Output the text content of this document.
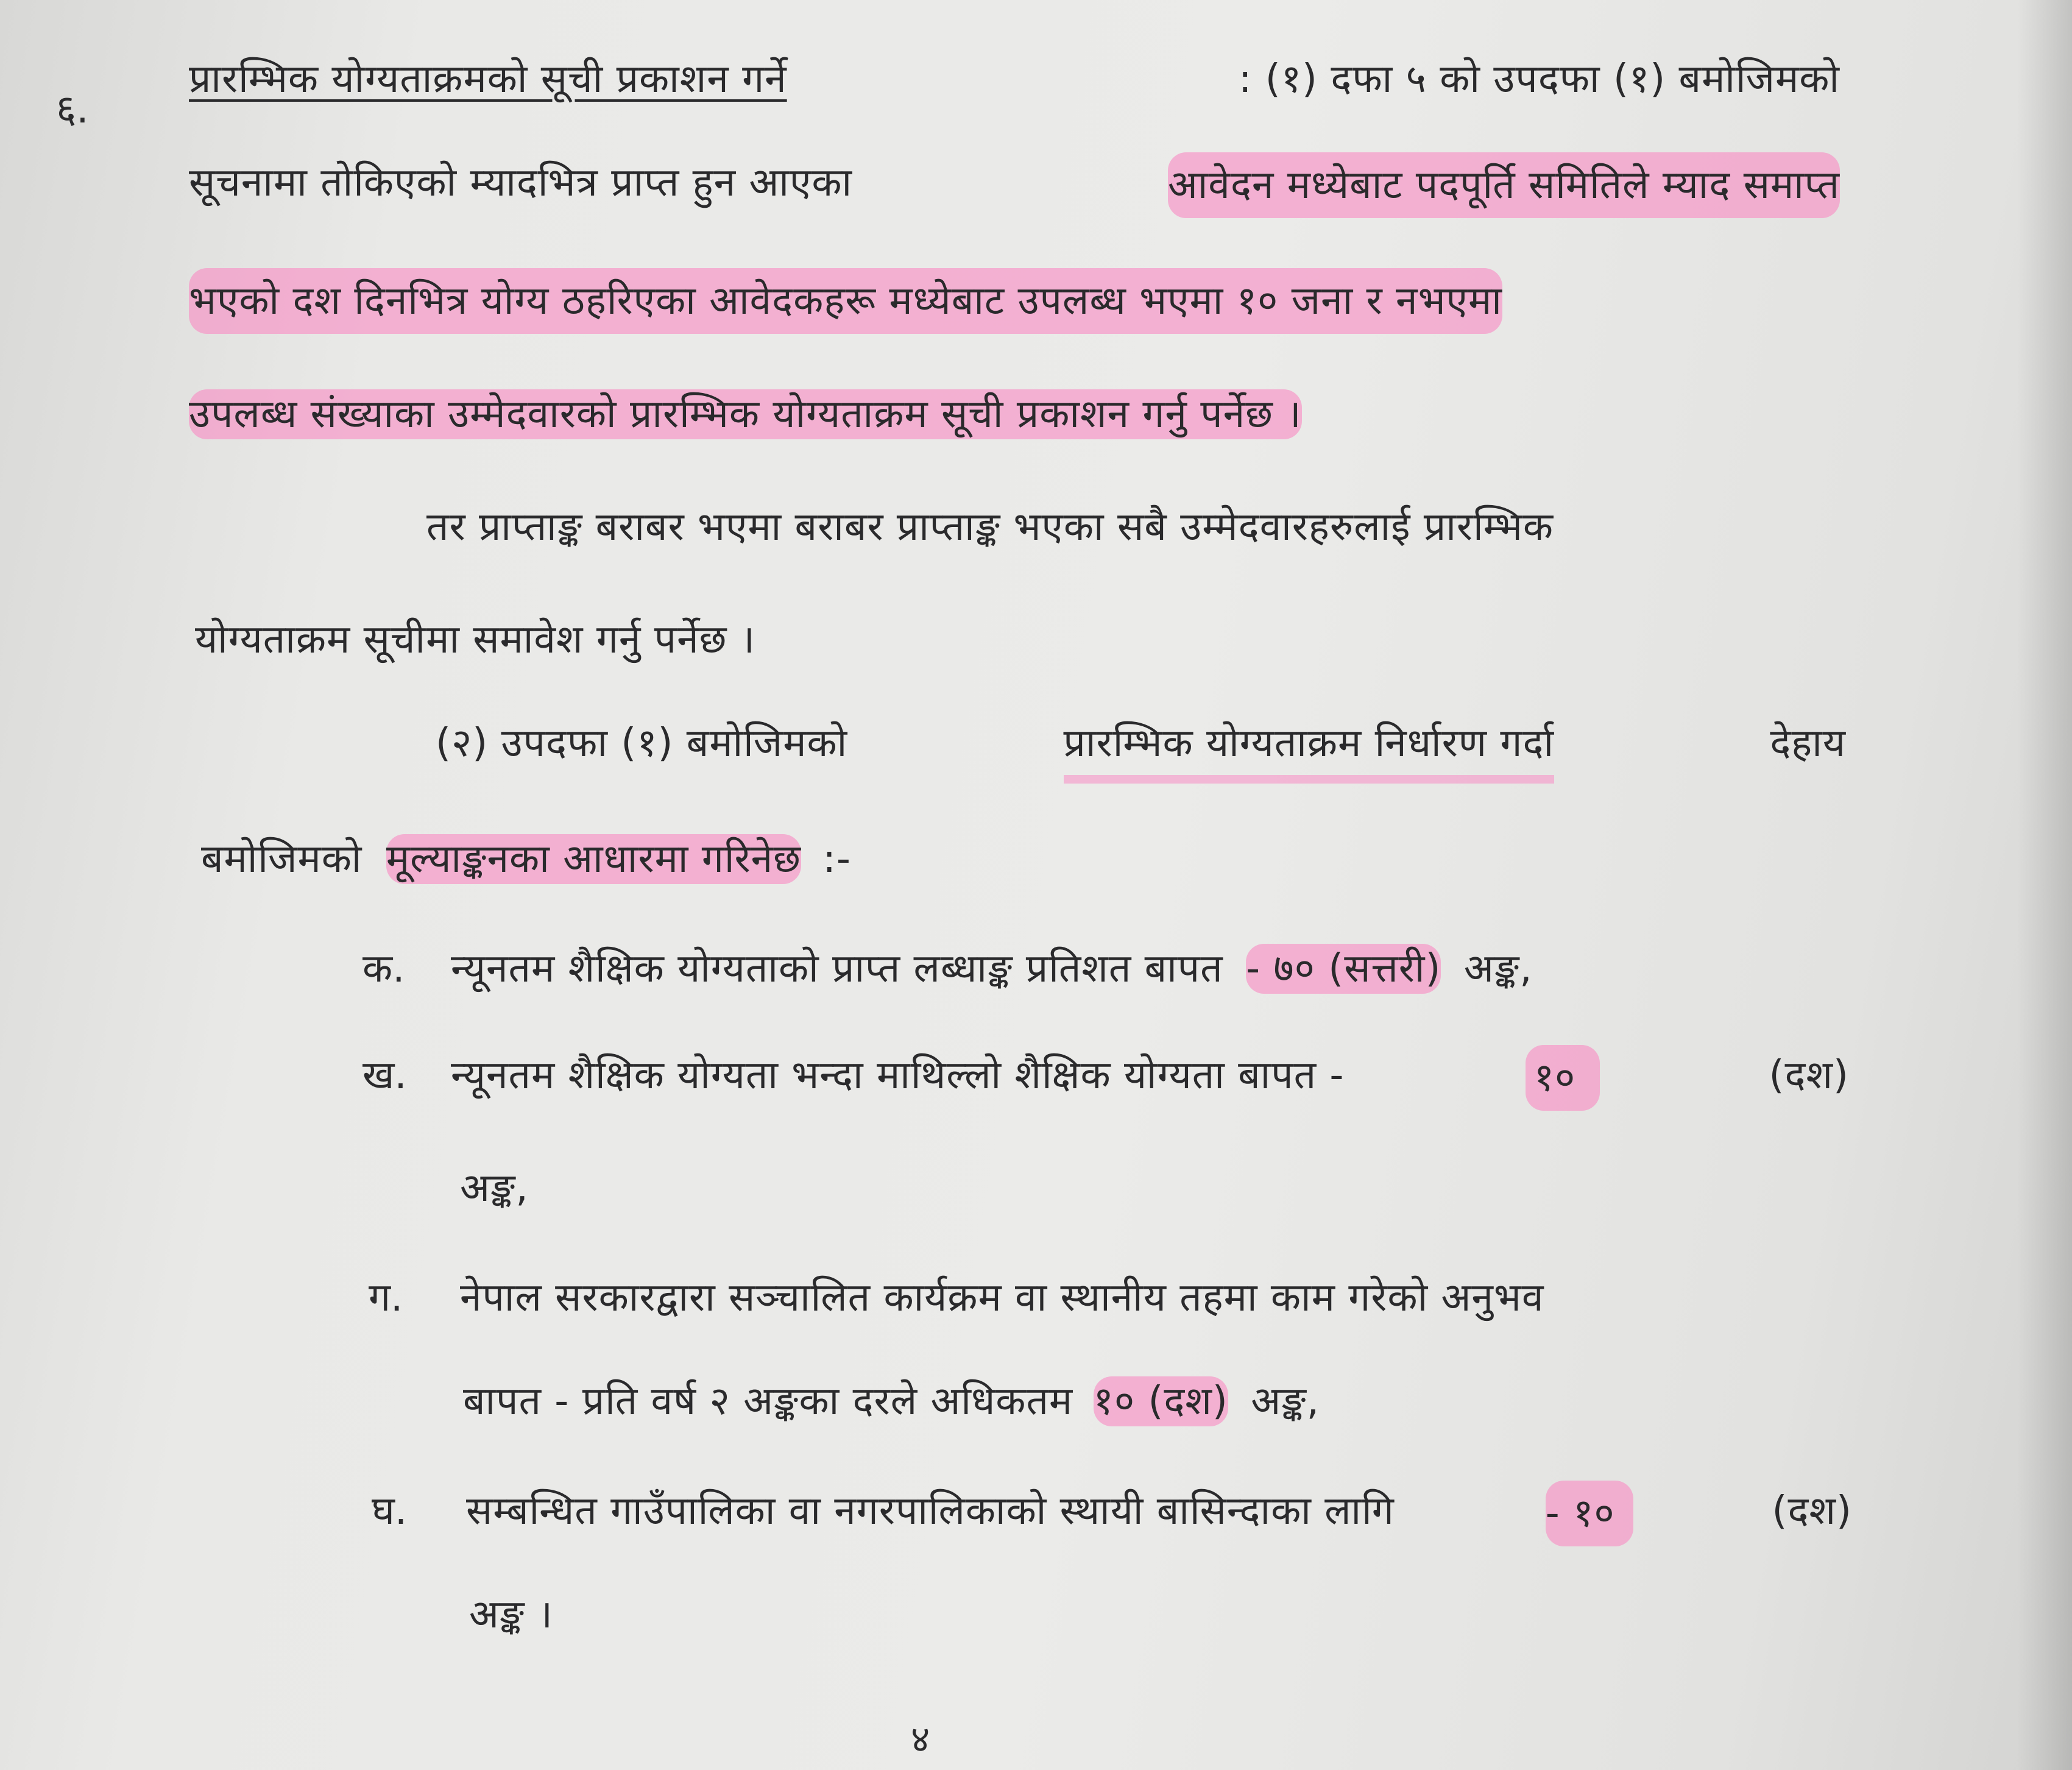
६.
प्रारम्भिक योग्यताक्रमको सूची प्रकाशन गर्ने	: (१) दफा ५ को उपदफा (१) बमोजिमको
सूचनामा तोकिएको म्यादभित्र प्राप्त हुन आएका	आवेदन मध्येबाट पदपूर्ति समितिले म्याद समाप्त
भएको दश दिनभित्र योग्य ठहरिएका आवेदकहरू मध्येबाट उपलब्ध भएमा १० जना र नभएमा
उपलब्ध संख्याका उम्मेदवारको प्रारम्भिक योग्यताक्रम सूची प्रकाशन गर्नु पर्नेछ ।
तर प्राप्ताङ्क बराबर भएमा बराबर प्राप्ताङ्क भएका सबै उम्मेदवारहरुलाई प्रारम्भिक
योग्यताक्रम सूचीमा समावेश गर्नु पर्नेछ ।
(२) उपदफा (१) बमोजिमको	प्रारम्भिक योग्यताक्रम निर्धारण गर्दा	देहाय
बमोजिमको मूल्याङ्कनका आधारमा गरिनेछ :-
क. न्यूनतम शैक्षिक योग्यताको प्राप्त लब्धाङ्क प्रतिशत बापत - ७० (सत्तरी) अङ्क,
ख. न्यूनतम शैक्षिक योग्यता भन्दा माथिल्लो शैक्षिक योग्यता बापत -	१०	(दश)
अङ्क,
ग. नेपाल सरकारद्वारा सञ्चालित कार्यक्रम वा स्थानीय तहमा काम गरेको अनुभव
बापत - प्रति वर्ष २ अङ्कका दरले अधिकतम १० (दश) अङ्क,
घ. सम्बन्धित गाउँपालिका वा नगरपालिकाको स्थायी बासिन्दाका लागि	- १०	(दश)
अङ्क ।
४
